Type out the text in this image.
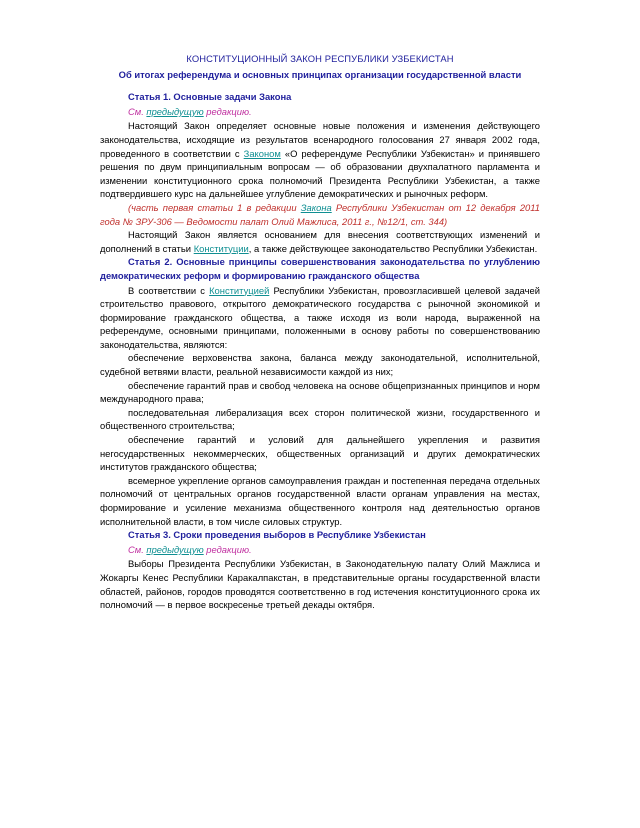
КОНСТИТУЦИОННЫЙ ЗАКОН РЕСПУБЛИКИ УЗБЕКИСТАН
Об итогах референдума и основных принципах организации государственной власти
Статья 1. Основные задачи Закона
См. предыдущую редакцию.

Настоящий Закон определяет основные новые положения и изменения действующего законодательства, исходящие из результатов всенародного голосования 27 января 2002 года, проведенного в соответствии с Законом «О референдуме Республики Узбекистан» и принявшего решения по двум принципиальным вопросам — об образовании двухпалатного парламента и изменении конституционного срока полномочий Президента Республики Узбекистан, а также подтвердившего курс на дальнейшее углубление демократических и рыночных реформ.

(часть первая статьи 1 в редакции Закона Республики Узбекистан от 12 декабря 2011 года № ЗРУ-306 — Ведомости палат Олий Мажлиса, 2011 г., №12/1, ст. 344)

Настоящий Закон является основанием для внесения соответствующих изменений и дополнений в статьи Конституции, а также действующее законодательство Республики Узбекистан.

Статья 2. Основные принципы совершенствования законодательства по углублению демократических реформ и формированию гражданского общества

В соответствии с Конституцией Республики Узбекистан, провозгласившей целевой задачей строительство правового, открытого демократического государства с рыночной экономикой и формирование гражданского общества, а также исходя из воли народа, выраженной на референдуме, основными принципами, положенными в основу работы по совершенствованию законодательства, являются:

обеспечение верховенства закона, баланса между законодательной, исполнительной, судебной ветвями власти, реальной независимости каждой из них;

обеспечение гарантий прав и свобод человека на основе общепризнанных принципов и норм международного права;

последовательная либерализация всех сторон политической жизни, государственного и общественного строительства;

обеспечение гарантий и условий для дальнейшего укрепления и развития негосударственных некоммерческих, общественных организаций и других демократических институтов гражданского общества;

всемерное укрепление органов самоуправления граждан и постепенная передача отдельных полномочий от центральных органов государственной власти органам управления на местах, формирование и усиление механизма общественного контроля над деятельностью органов исполнительной власти, в том числе силовых структур.

Статья 3. Сроки проведения выборов в Республике Узбекистан
См. предыдущую редакцию.

Выборы Президента Республики Узбекистан, в Законодательную палату Олий Мажлиса и Жокаргы Кенес Республики Каракалпакстан, в представительные органы государственной власти областей, районов, городов проводятся соответственно в год истечения конституционного срока их полномочий — в первое воскресенье третьей декады октября.
